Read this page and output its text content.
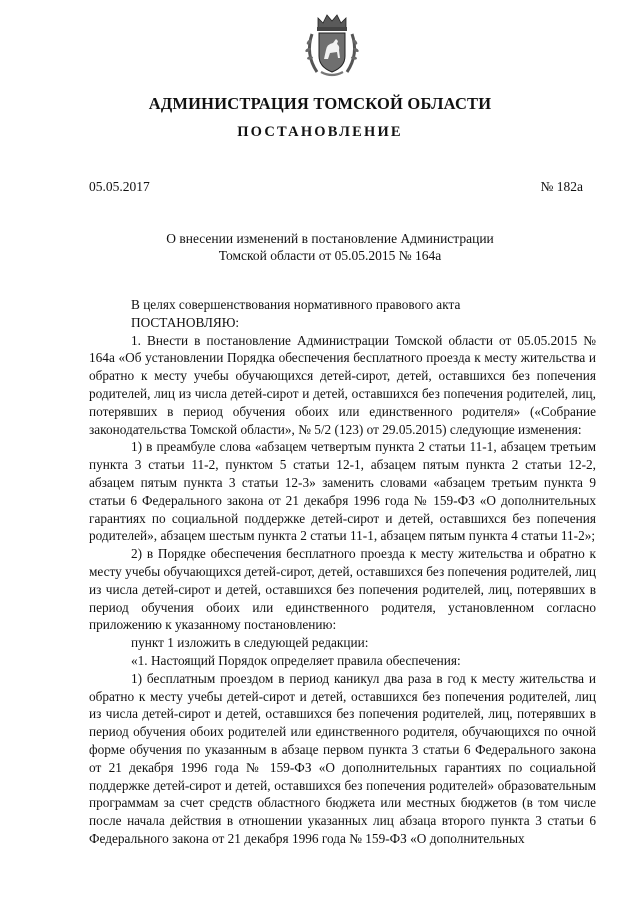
АДМИНИСТРАЦИЯ ТОМСКОЙ ОБЛАСТИ
ПОСТАНОВЛЕНИЕ
05.05.2017	№ 182а
О внесении изменений в постановление Администрации
Томской области от 05.05.2015 № 164а

В целях совершенствования нормативного правового акта

ПОСТАНОВЛЯЮ:

1. Внести в постановление Администрации Томской области от 05.05.2015 № 164а «Об установлении Порядка обеспечения бесплатного проезда к месту жительства и обратно к месту учебы обучающихся детей-сирот, детей, оставшихся без попечения родителей, лиц из числа детей-сирот и детей, оставшихся без попечения родителей, лиц, потерявших в период обучения обоих или единственного родителя» («Собрание законодательства Томской области», № 5/2 (123) от 29.05.2015) следующие изменения:

1) в преамбуле слова «абзацем четвертым пункта 2 статьи 11-1, абзацем третьим пункта 3 статьи 11-2, пунктом 5 статьи 12-1, абзацем пятым пункта 2 статьи 12-2, абзацем пятым пункта 3 статьи 12-3» заменить словами «абзацем третьим пункта 9 статьи 6 Федерального закона от 21 декабря 1996 года № 159-ФЗ «О дополнительных гарантиях по социальной поддержке детей-сирот и детей, оставшихся без попечения родителей», абзацем шестым пункта 2 статьи 11-1, абзацем пятым пункта 4 статьи 11-2»;

2) в Порядке обеспечения бесплатного проезда к месту жительства и обратно к месту учебы обучающихся детей-сирот, детей, оставшихся без попечения родителей, лиц из числа детей-сирот и детей, оставшихся без попечения родителей, лиц, потерявших в период обучения обоих или единственного родителя, установленном согласно приложению к указанному постановлению:

пункт 1 изложить в следующей редакции:

«1. Настоящий Порядок определяет правила обеспечения:

1) бесплатным проездом в период каникул два раза в год к месту жительства и обратно к месту учебы детей-сирот и детей, оставшихся без попечения родителей, лиц из числа детей-сирот и детей, оставшихся без попечения родителей, лиц, потерявших в период обучения обоих родителей или единственного родителя, обучающихся по очной форме обучения по указанным в абзаце первом пункта 3 статьи 6 Федерального закона от 21 декабря 1996 года № 159-ФЗ «О дополнительных гарантиях по социальной поддержке детей-сирот и детей, оставшихся без попечения родителей» образовательным программам за счет средств областного бюджета или местных бюджетов (в том числе после начала действия в отношении указанных лиц абзаца второго пункта 3 статьи 6 Федерального закона от 21 декабря 1996 года № 159-ФЗ «О дополнительных
